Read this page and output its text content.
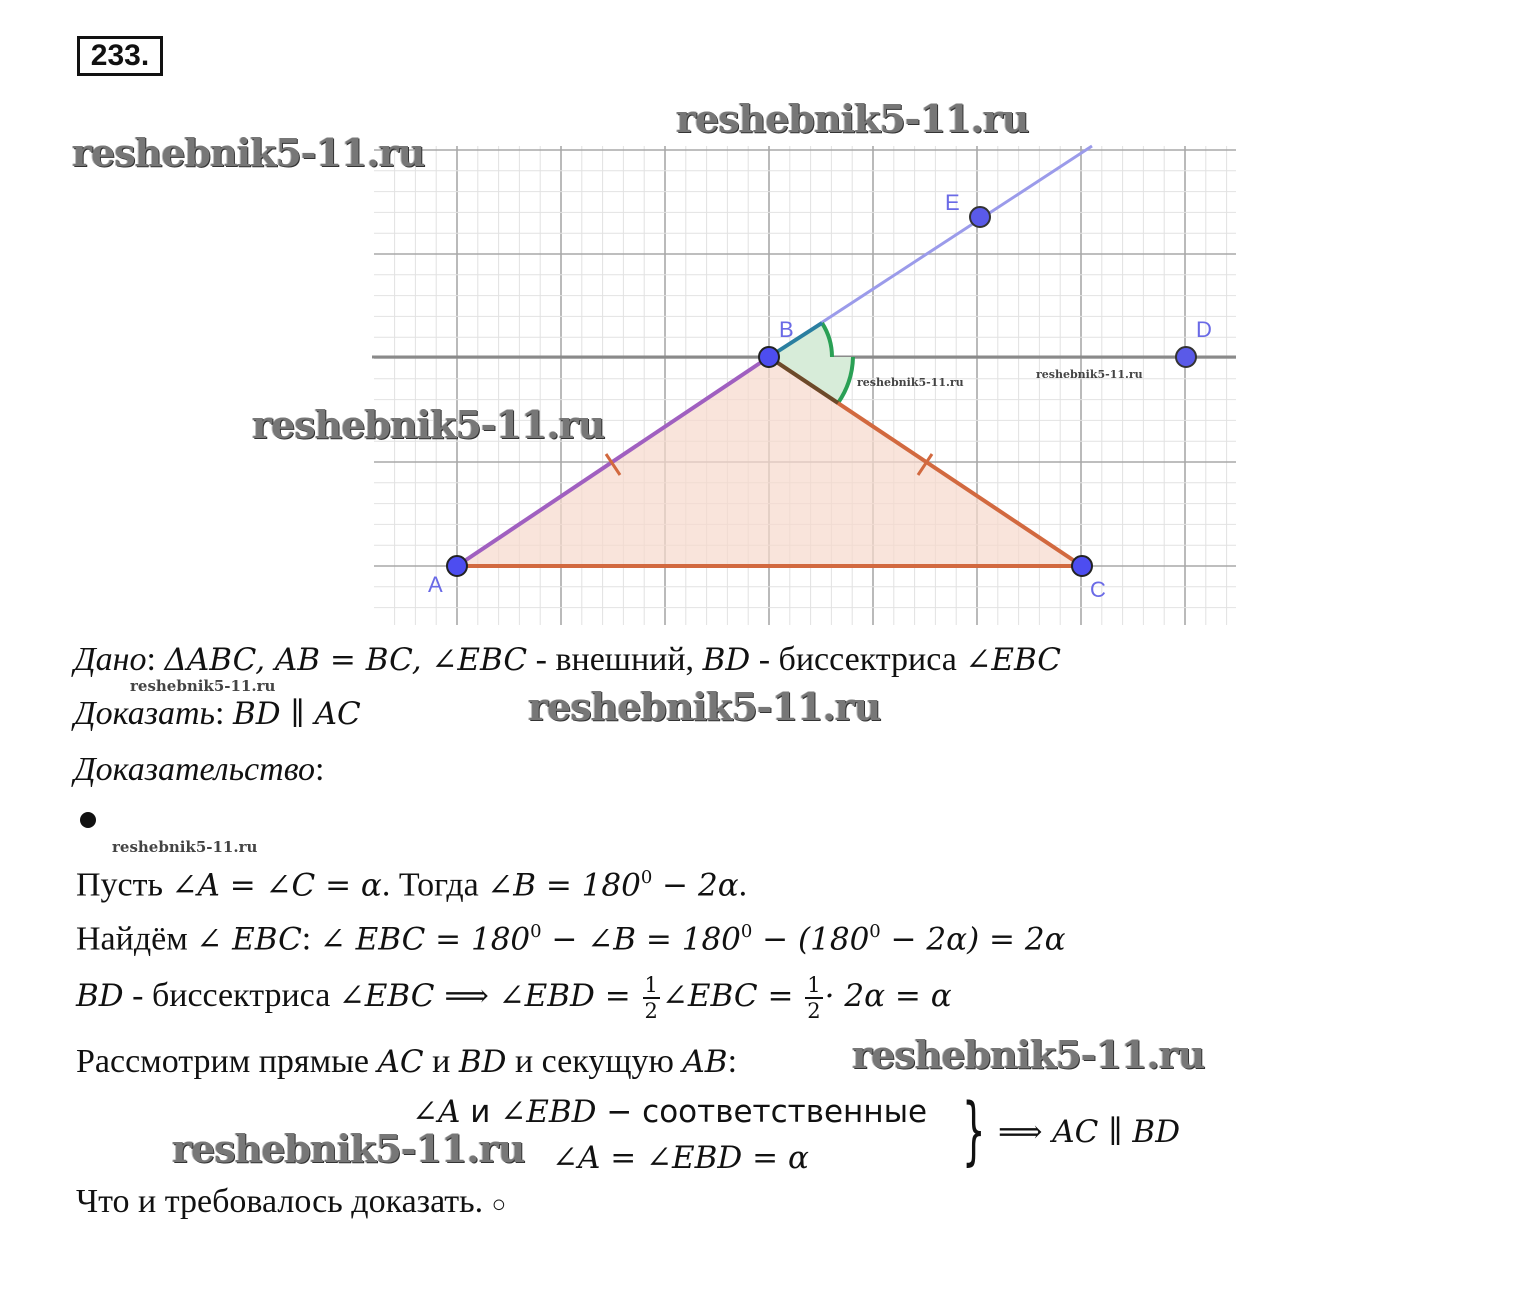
233.
A
B
C
D
E
reshebnik5-11.ru
reshebnik5-11.ru
reshebnik5-11.ru
reshebnik5-11.ru
reshebnik5-11.ru
reshebnik5-11.ru	reshebnik5-11.ru
reshebnik5-11.ru
reshebnik5-11.ru
reshebnik5-11.ru
Дано: ΔABC, AB = BC, ∠EBC - внешний, BD - биссектриса ∠EBC
Доказать: BD ∥ AC
Доказательство:
Пусть ∠A = ∠C = α. Тогда ∠B = $180^0 - 2\alpha$.
Найдём ∠ EBC: ∠ EBC = $180^0$ − ∠B = $180^0 - (180^0 - 2\alpha) = 2\alpha$
BD - биссектриса ∠EBC ⟹ ∠EBD = $\frac{1}{2}$ ∠EBC = $\frac{1}{2} \cdot 2\alpha = \alpha$
Рассмотрим прямые AC и BD и секущую AB:
∠A и ∠EBD − соответственные
∠A = ∠EBD = α } ⟹ AC ∥ BD
Что и требовалось доказать. ○
